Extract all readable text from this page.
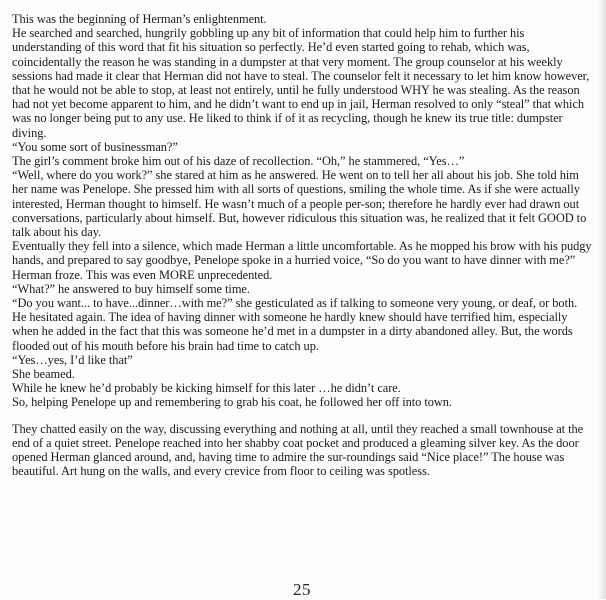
This was the beginning of Herman’s enlightenment.

He searched and searched, hungrily gobbling up any bit of information that could help him to further his understanding of this word that fit his situation so perfectly. He’d even started going to rehab, which was, coincidentally the reason he was standing in a dumpster at that very moment. The group counselor at his weekly sessions had made it clear that Herman did not have to steal. The counselor felt it necessary to let him know however, that he would not be able to stop, at least not entirely, until he fully understood WHY he was stealing. As the reason had not yet become apparent to him, and he didn’t want to end up in jail, Herman resolved to only “steal” that which was no longer being put to any use. He liked to think if of it as recycling, though he knew its true title: dumpster diving.

“You some sort of businessman?”

The girl’s comment broke him out of his daze of recollection. “Oh,” he stammered, “Yes…”

“Well, where do you work?” she stared at him as he answered. He went on to tell her all about his job. She told him her name was Penelope. She pressed him with all sorts of questions, smiling the whole time. As if she were actually interested, Herman thought to himself. He wasn’t much of a people per-son; therefore he hardly ever had drawn out conversations, particularly about himself. But, however ridiculous this situation was, he realized that it felt GOOD to talk about his day.

Eventually they fell into a silence, which made Herman a little uncomfortable. As he mopped his brow with his pudgy hands, and prepared to say goodbye, Penelope spoke in a hurried voice, “So do you want to have dinner with me?”

Herman froze. This was even MORE unprecedented.

“What?” he answered to buy himself some time.

“Do you want... to have...dinner…with me?” she gesticulated as if talking to someone very young, or deaf, or both.

He hesitated again. The idea of having dinner with someone he hardly knew should have terrified him, especially when he added in the fact that this was someone he’d met in a dumpster in a dirty abandoned alley. But, the words flooded out of his mouth before his brain had time to catch up.

“Yes…yes, I’d like that”

She beamed.

While he knew he’d probably be kicking himself for this later …he didn’t care.

So, helping Penelope up and remembering to grab his coat, he followed her off into town.

They chatted easily on the way, discussing everything and nothing at all, until they reached a small townhouse at the end of a quiet street. Penelope reached into her shabby coat pocket and produced a gleaming silver key. As the door opened Herman glanced around, and, having time to admire the sur-roundings said “Nice place!” The house was beautiful. Art hung on the walls, and every crevice from floor to ceiling was spotless.

25
